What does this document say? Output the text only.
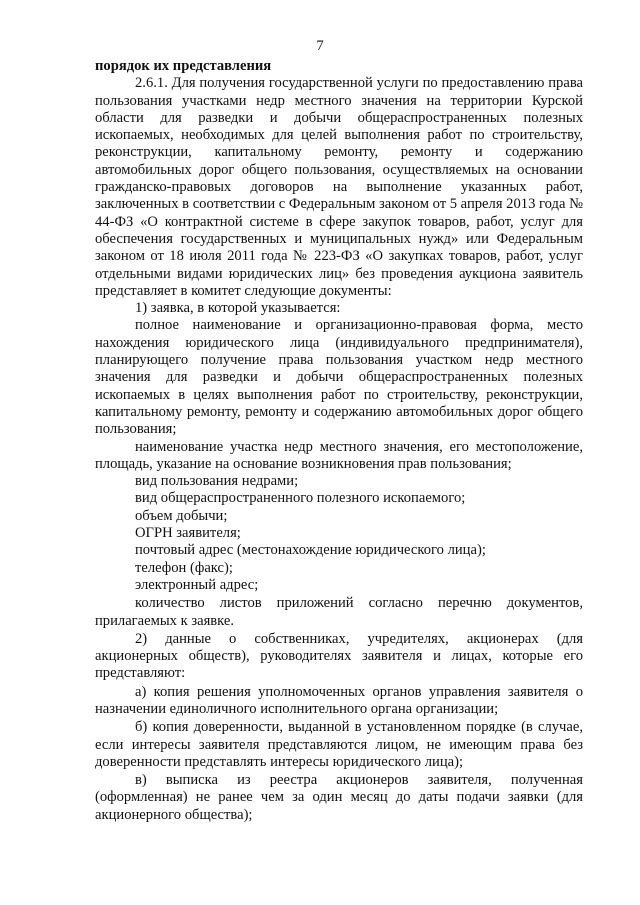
7

порядок их представления

2.6.1. Для получения государственной услуги по предоставлению права пользования участками недр местного значения на территории Курской области для разведки и добычи общераспространенных полезных ископаемых, необходимых для целей выполнения работ по строительству, реконструкции, капитальному ремонту, ремонту и содержанию автомобильных дорог общего пользования, осуществляемых на основании гражданско-правовых договоров на выполнение указанных работ, заключенных в соответствии с Федеральным законом от 5 апреля 2013 года № 44-ФЗ «О контрактной системе в сфере закупок товаров, работ, услуг для обеспечения государственных и муниципальных нужд» или Федеральным законом от 18 июля 2011 года № 223-ФЗ «О закупках товаров, работ, услуг отдельными видами юридических лиц» без проведения аукциона заявитель представляет в комитет следующие документы:

1) заявка, в которой указывается:

полное наименование и организационно-правовая форма, место нахождения юридического лица (индивидуального предпринимателя), планирующего получение права пользования участком недр местного значения для разведки и добычи общераспространенных полезных ископаемых в целях выполнения работ по строительству, реконструкции, капитальному ремонту, ремонту и содержанию автомобильных дорог общего пользования;

наименование участка недр местного значения, его местоположение, площадь, указание на основание возникновения прав пользования;

вид пользования недрами;

вид общераспространенного полезного ископаемого;

объем добычи;

ОГРН заявителя;

почтовый адрес (местонахождение юридического лица);

телефон (факс);

электронный адрес;

количество листов приложений согласно перечню документов, прилагаемых к заявке.

2) данные о собственниках, учредителях, акционерах (для акционерных обществ), руководителях заявителя и лицах, которые его представляют:

а) копия решения уполномоченных органов управления заявителя о назначении единоличного исполнительного органа организации;

б) копия доверенности, выданной в установленном порядке (в случае, если интересы заявителя представляются лицом, не имеющим права без доверенности представлять интересы юридического лица);

в) выписка из реестра акционеров заявителя, полученная (оформленная) не ранее чем за один месяц до даты подачи заявки (для акционерного общества);
